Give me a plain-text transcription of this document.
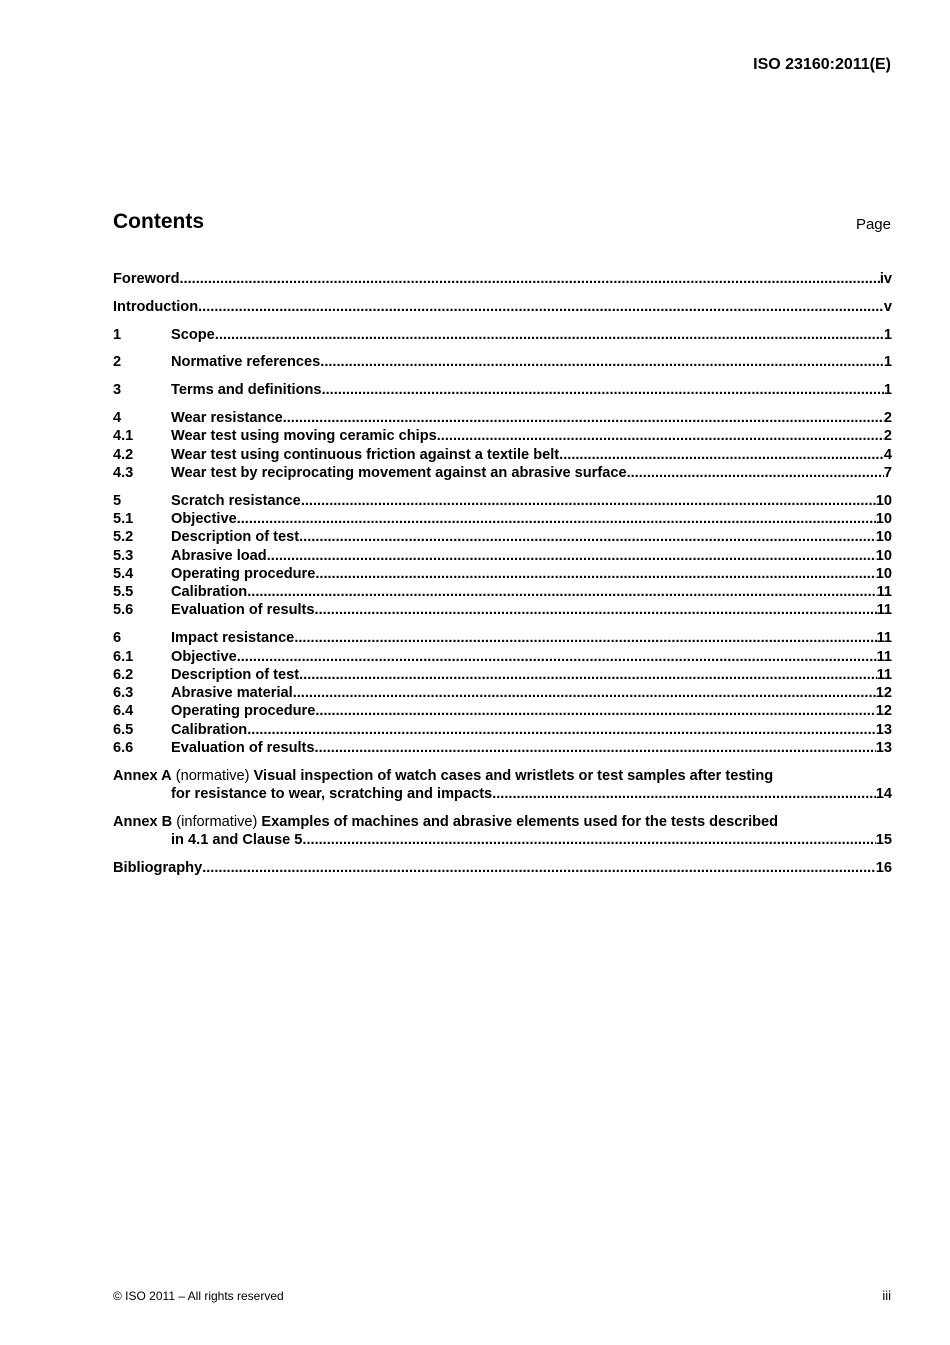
ISO 23160:2011(E)
Contents	Page
Foreword .....	iv
Introduction .....	v
1	Scope .....	1
2	Normative references .....	1
3	Terms and definitions .....	1
4	Wear resistance .....	2
4.1	Wear test using moving ceramic chips .....	2
4.2	Wear test using continuous friction against a textile belt .....	4
4.3	Wear test by reciprocating movement against an abrasive surface .....	7
5	Scratch resistance .....	10
5.1	Objective .....	10
5.2	Description of test .....	10
5.3	Abrasive load .....	10
5.4	Operating procedure .....	10
5.5	Calibration .....	11
5.6	Evaluation of results .....	11
6	Impact resistance .....	11
6.1	Objective .....	11
6.2	Description of test .....	11
6.3	Abrasive material .....	12
6.4	Operating procedure .....	12
6.5	Calibration .....	13
6.6	Evaluation of results .....	13
Annex A (normative) Visual inspection of watch cases and wristlets or test samples after testing
for resistance to wear, scratching and impacts .....	14
Annex B (informative) Examples of machines and abrasive elements used for the tests described
in 4.1 and Clause 5 .....	15
Bibliography .....	16
© ISO 2011 – All rights reserved	iii
